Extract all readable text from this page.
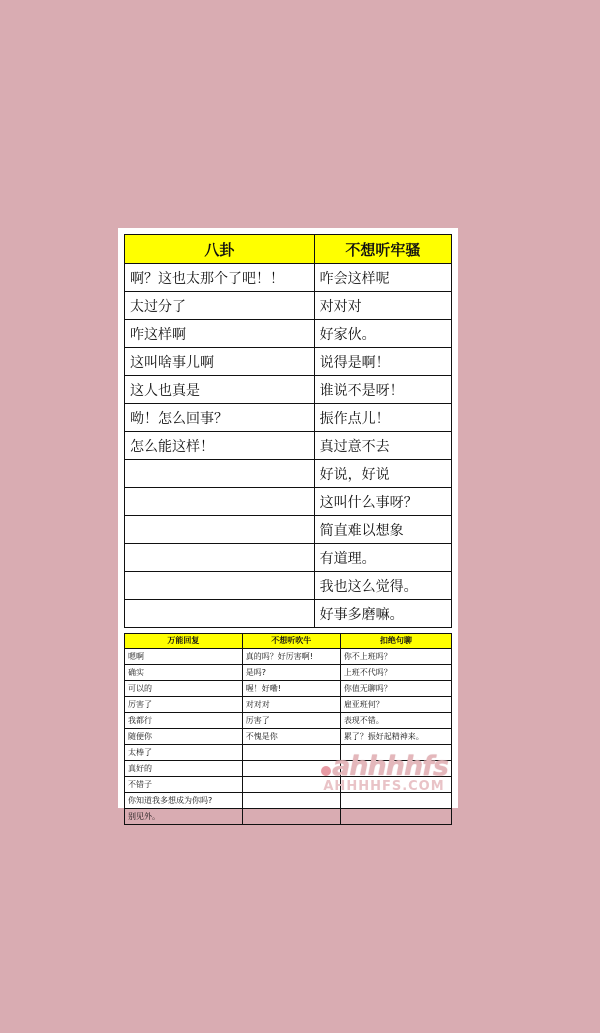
八卦	不想听牢骚
啊？这也太那个了吧！！	咋会这样呢
太过分了	对对对
咋这样啊	好家伙。
这叫啥事儿啊	说得是啊！
这人也真是	谁说不是呀！
呦！怎么回事？	振作点儿！
怎么能这样！	真过意不去
	好说，好说
	这叫什么事呀？
	简直难以想象
	有道理。
	我也这么觉得。
	好事多磨嘛。
万能回复	不想听吹牛	扣绝句聊
嗯啊	真的吗？好厉害啊!	你不上班吗？
确实	是吗?	上班不代吗？
可以的	喔！好嘞!	你值无聊吗？
厉害了	对对对	雇亚班何？
我都行	厉害了	表现不错。
随便你	不愧是你	累了？振好起精神来。
太棒了		
真好的		
不错子		
你知道我多想成为你吗?		
别见外。		
ahhhhfs
AHHHHFS.COM
